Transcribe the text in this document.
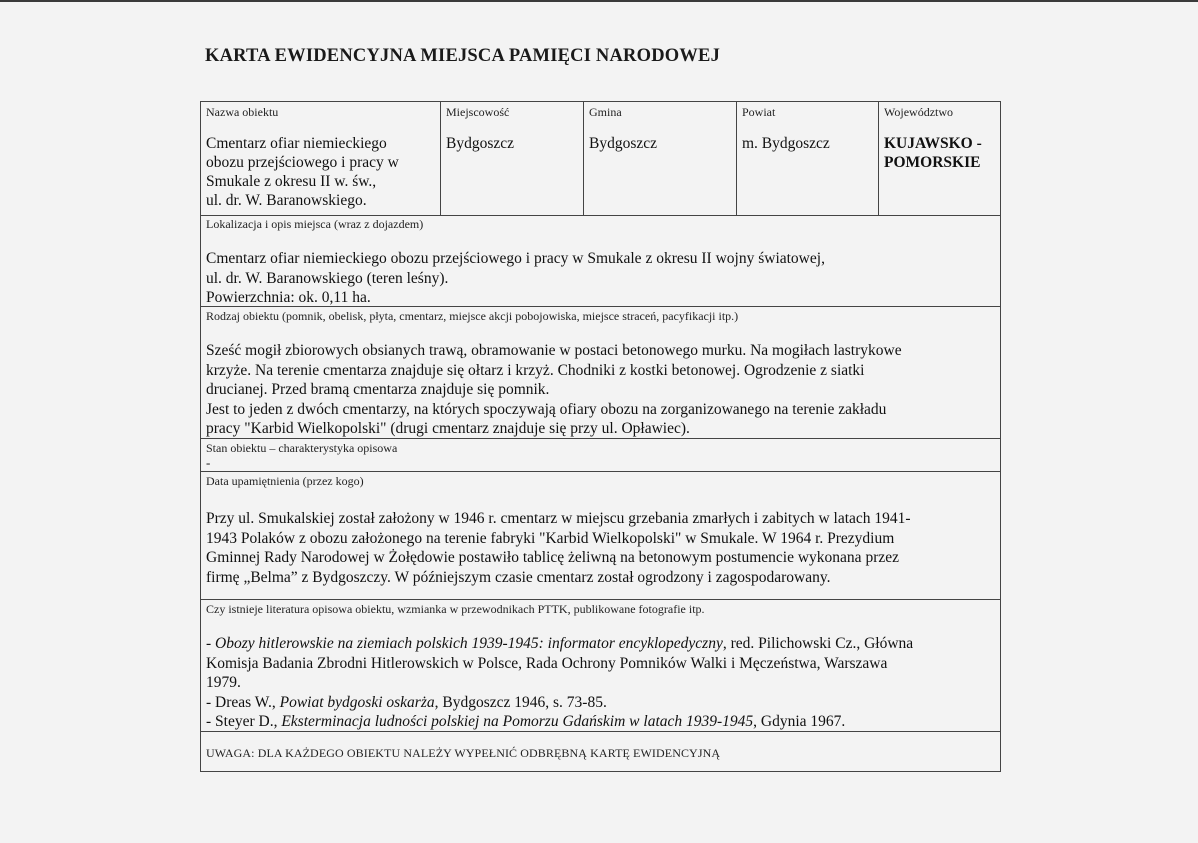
KARTA EWIDENCYJNA MIEJSCA PAMIĘCI NARODOWEJ
Nazwa obiektu
Cmentarz ofiar niemieckiego
obozu przejściowego i pracy w
Smukale z okresu II w. św.,
ul. dr. W. Baranowskiego.
Miejscowość
Bydgoszcz
Gmina
Bydgoszcz
Powiat
m. Bydgoszcz
Województwo
KUJAWSKO -
POMORSKIE
Lokalizacja i opis miejsca (wraz z dojazdem)
Cmentarz ofiar niemieckiego obozu przejściowego i pracy w Smukale z okresu II wojny światowej,
ul. dr. W. Baranowskiego (teren leśny).
Powierzchnia: ok. 0,11 ha.
Rodzaj obiektu (pomnik, obelisk, płyta, cmentarz, miejsce akcji pobojowiska, miejsce straceń, pacyfikacji itp.)
Sześć mogił zbiorowych obsianych trawą, obramowanie w postaci betonowego murku. Na mogiłach lastrykowe
krzyże. Na terenie cmentarza znajduje się ołtarz i krzyż. Chodniki z kostki betonowej. Ogrodzenie z siatki
drucianej. Przed bramą cmentarza znajduje się pomnik.
Jest to jeden z dwóch cmentarzy, na których spoczywają ofiary obozu na zorganizowanego na terenie zakładu
pracy "Karbid Wielkopolski" (drugi cmentarz znajduje się przy ul. Opławiec).
Stan obiektu – charakterystyka opisowa
-
Data upamiętnienia (przez kogo)
Przy ul. Smukalskiej został założony w 1946 r. cmentarz w miejscu grzebania zmarłych i zabitych w latach 1941-
1943 Polaków z obozu założonego na terenie fabryki "Karbid Wielkopolski" w Smukale. W 1964 r. Prezydium
Gminnej Rady Narodowej w Żołędowie postawiło tablicę żeliwną na betonowym postumencie wykonana przez
firmę „Belma” z Bydgoszczy. W późniejszym czasie cmentarz został ogrodzony i zagospodarowany.
Czy istnieje literatura opisowa obiektu, wzmianka w przewodnikach PTTK, publikowane fotografie itp.
- Obozy hitlerowskie na ziemiach polskich 1939-1945: informator encyklopedyczny, red. Pilichowski Cz., Główna
Komisja Badania Zbrodni Hitlerowskich w Polsce, Rada Ochrony Pomników Walki i Męczeństwa, Warszawa
1979.
- Dreas W., Powiat bydgoski oskarża, Bydgoszcz 1946, s. 73-85.
- Steyer D., Eksterminacja ludności polskiej na Pomorzu Gdańskim w latach 1939-1945, Gdynia 1967.
UWAGA: DLA KAŻDEGO OBIEKTU NALEŻY WYPEŁNIĆ ODBRĘBNĄ KARTĘ EWIDENCYJNĄ
